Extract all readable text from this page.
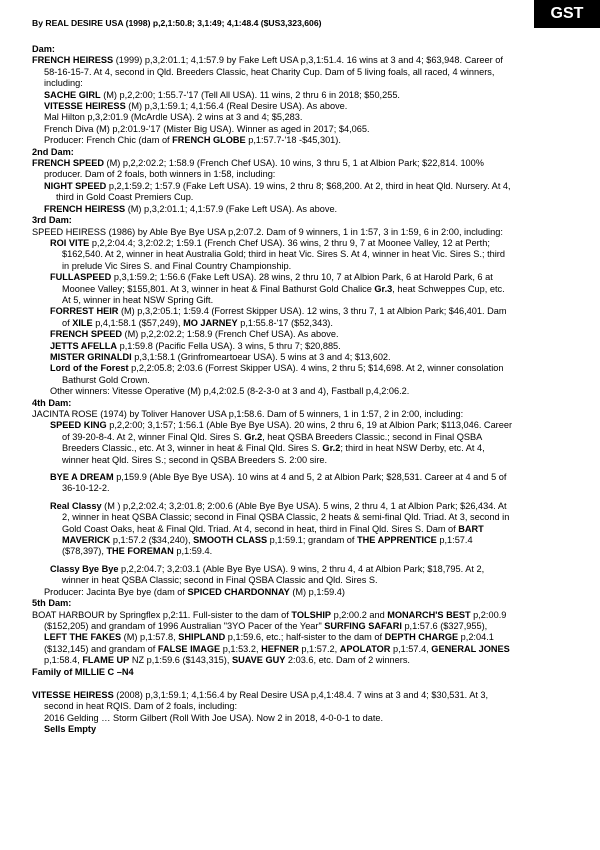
GST
By REAL DESIRE USA (1998) p,2,1:50.8; 3,1:49; 4,1:48.4 ($US3,323,606)
Dam:

FRENCH HEIRESS (1999) p,3,2:01.1; 4,1:57.9 by Fake Left USA p,3,1:51.4. 16 wins at 3 and 4; $63,948. Career of 58-16-15-7. At 4, second in Qld. Breeders Classic, heat Charity Cup. Dam of 5 living foals, all raced, 4 winners, including:

SACHE GIRL (M) p,2,2:00; 1:55.7-'17 (Tell All USA). 11 wins, 2 thru 6 in 2018; $50,255.

VITESSE HEIRESS (M) p,3,1:59.1; 4,1:56.4 (Real Desire USA). As above.

Mal Hilton p,3,2:01.9 (McArdle USA). 2 wins at 3 and 4; $5,283.

French Diva (M) p,2:01.9-'17 (Mister Big USA). Winner as aged in 2017; $4,065.

Producer: French Chic (dam of FRENCH GLOBE p,1:57.7-'18 -$45,301).

2nd Dam:

FRENCH SPEED (M) p,2,2:02.2; 1:58.9 (French Chef USA). 10 wins, 3 thru 5, 1 at Albion Park; $22,814. 100% producer. Dam of 2 foals, both winners in 1:58, including:

NIGHT SPEED p,2,1:59.2; 1:57.9 (Fake Left USA). 19 wins, 2 thru 8; $68,200. At 2, third in heat Qld. Nursery. At 4, third in Gold Coast Premiers Cup.

FRENCH HEIRESS (M) p,3,2:01.1; 4,1:57.9 (Fake Left USA). As above.

3rd Dam:

SPEED HEIRESS (1986) by Able Bye Bye USA p,2:07.2. Dam of 9 winners, 1 in 1:57, 3 in 1:59, 6 in 2:00, including:

ROI VITE p,2,2:04.4; 3,2:02.2; 1:59.1 (French Chef USA). 36 wins, 2 thru 9, 7 at Moonee Valley, 12 at Perth; $162,540. At 2, winner in heat Australia Gold; third in heat Vic. Sires S. At 4, winner in heat Vic. Sires S.; third in prelude Vic Sires S. and Final Country Championship.

FULLASPEED p,3,1:59.2; 1:56.6 (Fake Left USA). 28 wins, 2 thru 10, 7 at Albion Park, 6 at Harold Park, 6 at Moonee Valley; $155,801. At 3, winner in heat & Final Bathurst Gold Chalice Gr.3, heat Schweppes Cup, etc. At 5, winner in heat NSW Spring Gift.

FORREST HEIR (M) p,3,2:05.1; 1:59.4 (Forrest Skipper USA). 12 wins, 3 thru 7, 1 at Albion Park; $46,401. Dam of XILE p,4,1:58.1 ($57,249), MO JARNEY p,1:55.8-'17 ($52,343).

FRENCH SPEED (M) p,2,2:02.2; 1:58.9 (French Chef USA). As above.

JETTS AFELLA p,1:59.8 (Pacific Fella USA). 3 wins, 5 thru 7; $20,885.

MISTER GRINALDI p,3,1:58.1 (Grinfromeartoear USA). 5 wins at 3 and 4; $13,602.

Lord of the Forest p,2,2:05.8; 2:03.6 (Forrest Skipper USA). 4 wins, 2 thru 5; $14,698. At 2, winner consolation Bathurst Gold Crown.

Other winners: Vitesse Operative (M) p,4,2:02.5 (8-2-3-0 at 3 and 4), Fastball p,4,2:06.2.

4th Dam:

JACINTA ROSE (1974) by Toliver Hanover USA p,1:58.6. Dam of 5 winners, 1 in 1:57, 2 in 2:00, including:

SPEED KING p,2,2:00; 3,1:57; 1:56.1 (Able Bye Bye USA). 20 wins, 2 thru 6, 19 at Albion Park; $113,046. Career of 39-20-8-4. At 2, winner Final Qld. Sires S. Gr.2, heat QSBA Breeders Classic.; second in Final QSBA Breeders Classic., etc. At 3, winner in heat & Final Qld. Sires S. Gr.2; third in heat NSW Derby, etc. At 4, winner heat Qld. Sires S.; second in QSBA Breeders S. 2:00 sire.

BYE A DREAM p,159.9 (Able Bye Bye USA). 10 wins at 4 and 5, 2 at Albion Park; $28,531. Career at 4 and 5 of 36-10-12-2.

Real Classy (M ) p,2,2:02.4; 3,2:01.8; 2:00.6 (Able Bye Bye USA). 5 wins, 2 thru 4, 1 at Albion Park; $26,434. At 2, winner in heat QSBA Classic; second in Final QSBA Classic, 2 heats & semi-final Qld. Triad. At 3, second in Gold Coast Oaks, heat & Final Qld. Triad. At 4, second in heat, third in Final Qld. Sires S. Dam of BART MAVERICK p,1:57.2 ($34,240), SMOOTH CLASS p,1:59.1; grandam of THE APPRENTICE p,1:57.4 ($78,397), THE FOREMAN p,1:59.4.

Classy Bye Bye p,2,2:04.7; 3,2:03.1 (Able Bye Bye USA). 9 wins, 2 thru 4, 4 at Albion Park; $18,795. At 2, winner in heat QSBA Classic; second in Final QSBA Classic and Qld. Sires S.

Producer: Jacinta Bye bye (dam of SPICED CHARDONNAY (M) p,1:59.4)

5th Dam:

BOAT HARBOUR by Springflex p,2:11. Full-sister to the dam of TOLSHIP p,2:00.2 and MONARCH'S BEST p,2:00.9 ($152,205) and grandam of 1996 Australian "3YO Pacer of the Year" SURFING SAFARI p,1:57.6 ($327,955), LEFT THE FAKES (M) p,1:57.8, SHIPLAND p,1:59.6, etc.; half-sister to the dam of DEPTH CHARGE p,2:04.1 ($132,145) and grandam of FALSE IMAGE p,1:53.2, HEFNER p,1:57.2, APOLATOR p,1:57.4, GENERAL JONES p,1:58.4, FLAME UP NZ p,1:59.6 ($143,315), SUAVE GUY 2:03.6, etc. Dam of 2 winners.

Family of MILLIE C –N4

VITESSE HEIRESS (2008) p,3,1:59.1; 4,1:56.4 by Real Desire USA p,4,1:48.4. 7 wins at 3 and 4; $30,531. At 3, second in heat RQIS. Dam of 2 foals, including:

2016 Gelding … Storm Gilbert (Roll With Joe USA). Now 2 in 2018, 4-0-0-1 to date.

Sells Empty
